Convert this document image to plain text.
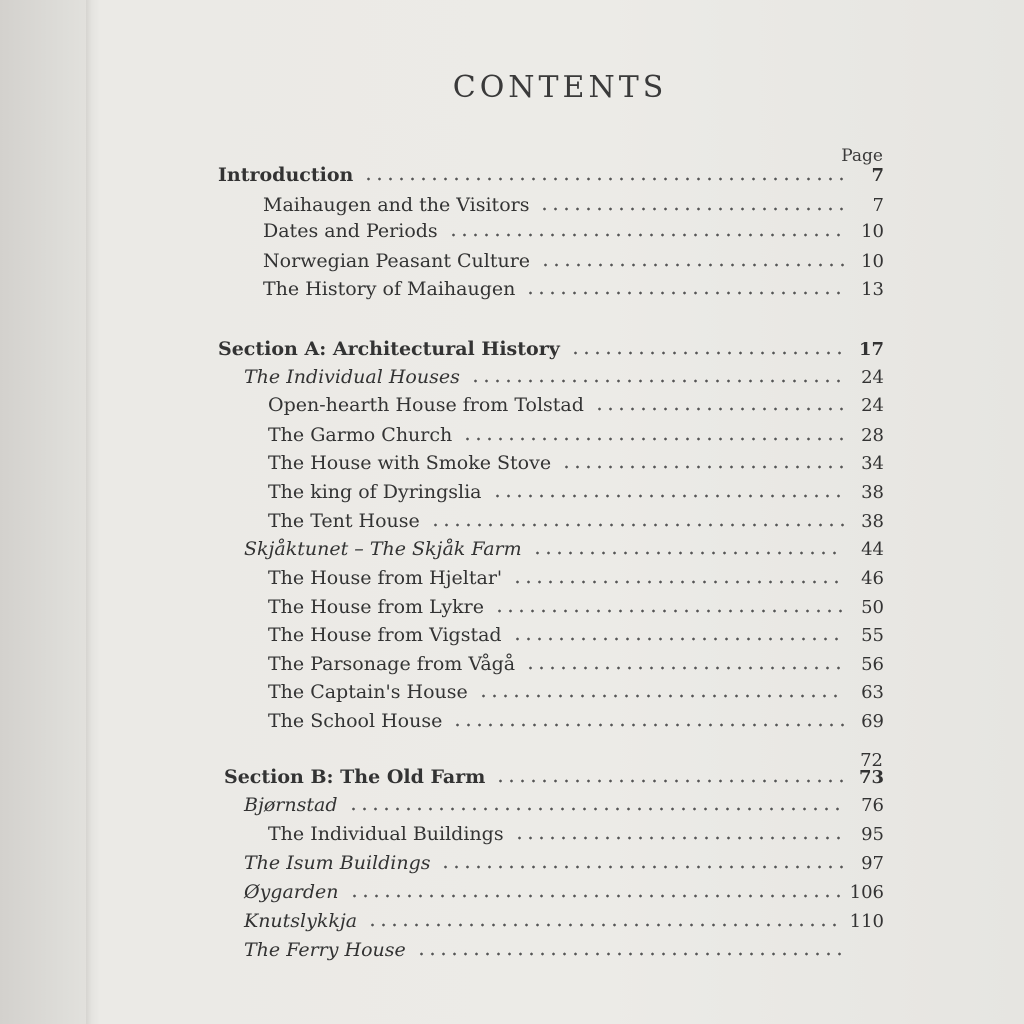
CONTENTS
Page
Introduction	7
Maihaugen and the Visitors	7
Dates and Periods	10
Norwegian Peasant Culture	10
The History of Maihaugen	13
Section A: Architectural History	17
The Individual Houses	24
Open-hearth House from Tolstad	24
The Garmo Church	28
The House with Smoke Stove	34
The king of Dyringslia	38
The Tent House	38
Skjåktunet – The Skjåk Farm	44
The House from Hjeltar'	46
The House from Lykre	50
The House from Vigstad	55
The Parsonage from Vågå	56
The Captain's House	63
The School House	69
72
Section B: The Old Farm	73
Bjørnstad	76
The Individual Buildings	95
The Isum Buildings	97
Øygarden	106
Knutslykkja	110
The Ferry House
